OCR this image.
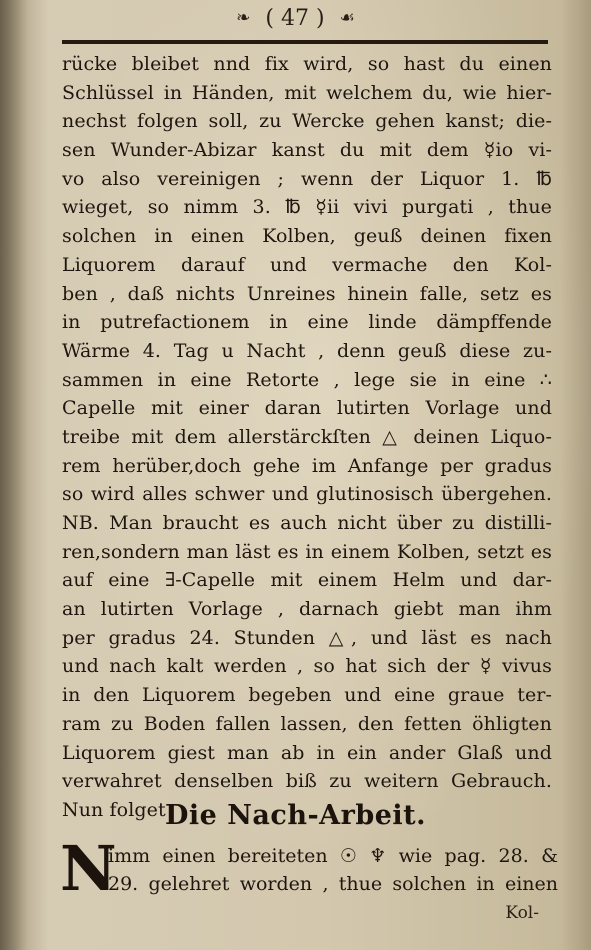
❧ ( 47 ) ☙
rücke bleibet nnd fix wird, so hast du einen
Schlüssel in Händen, mit welchem du, wie hier-
nechst folgen soll, zu Wercke gehen kanst; die-
sen Wunder-Abizar kanst du mit dem ☿io vi-
vo also vereinigen ; wenn der Liquor 1. ℔
wieget, so nimm 3. ℔ ☿ii vivi purgati , thue
solchen in einen Kolben, geuß deinen fixen
Liquorem darauf und vermache den Kol-
ben , daß nichts Unreines hinein falle, setz es
in putrefactionem in eine linde dämpffende
Wärme 4. Tag u Nacht , denn geuß diese zu-
sammen in eine Retorte , lege sie in eine ∴
Capelle mit einer daran lutirten Vorlage und
treibe mit dem allerstärckſten △ deinen Liquo-
rem herüber,doch gehe im Anfange per gradus
so wird alles schwer und glutinosisch übergehen.
NB. Man braucht es auch nicht über zu distilli-
ren,sondern man läst es in einem Kolben, setzt es
auf eine ∃-Capelle mit einem Helm und dar-
an lutirten Vorlage , darnach giebt man ihm
per gradus 24. Stunden △, und läst es nach
und nach kalt werden , so hat sich der ☿ vivus
in den Liquorem begeben und eine graue ter-
ram zu Boden fallen lassen, den fetten öhligten
Liquorem giest man ab in ein ander Glaß und
verwahret denselben biß zu weitern Gebrauch.
Nun folget Die Nach-Arbeit.
N
imm einen bereiteten ☉ ♆ wie pag. 28. &
29. gelehret worden , thue solchen in einen
Kol-
